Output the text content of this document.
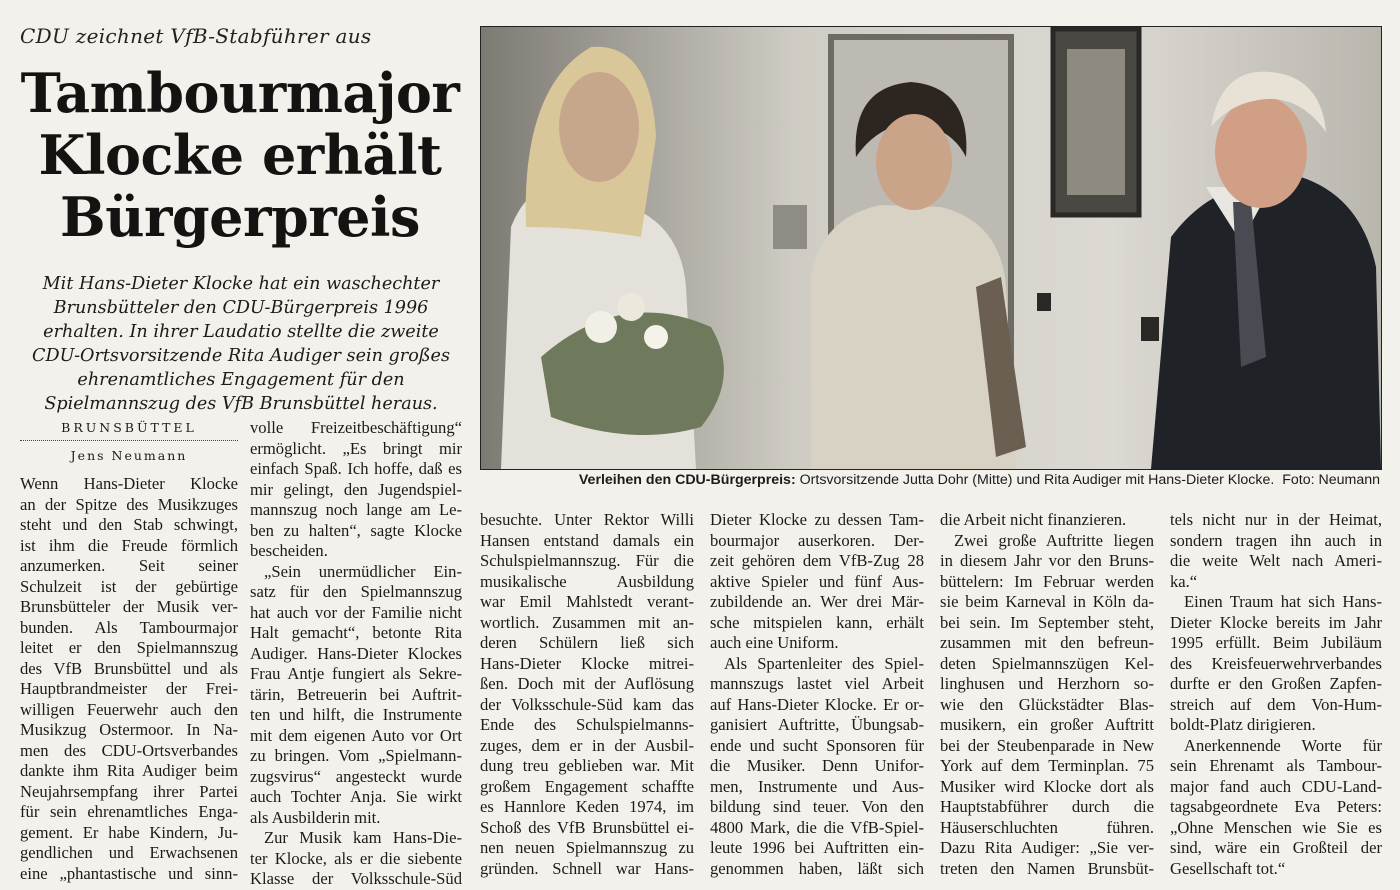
CDU zeichnet VfB-Stabführer aus
Tambourmajor
Klocke erhält
Bürgerpreis
Mit Hans-Dieter Klocke hat ein waschechter
Brunsbütteler den CDU-Bürgerpreis 1996
erhalten. In ihrer Laudatio stellte die zweite
CDU-Ortsvorsitzende Rita Audiger sein großes
ehrenamtliches Engagement für den
Spielmannszug des VfB Brunsbüttel heraus.
BRUNSBÜTTEL
Jens Neumann
Verleihen den CDU-Bürgerpreis: Ortsvorsitzende Jutta Dohr (Mitte) und Rita Audiger mit Hans-Dieter Klocke. Foto: Neumann
Wenn Hans-Dieter Klocke
an der Spitze des Musikzuges
steht und den Stab schwingt,
ist ihm die Freude förmlich
anzumerken. Seit seiner
Schulzeit ist der gebürtige
Brunsbütteler der Musik ver-
bunden. Als Tambourmajor
leitet er den Spielmannszug
des VfB Brunsbüttel und als
Hauptbrandmeister der Frei-
willigen Feuerwehr auch den
Musikzug Ostermoor. In Na-
men des CDU-Ortsverbandes
dankte ihm Rita Audiger beim
Neujahrsempfang ihrer Partei
für sein ehrenamtliches Enga-
gement. Er habe Kindern, Ju-
gendlichen und Erwachsenen
eine „phantastische und sinn-
volle Freizeitbeschäftigung“
ermöglicht. „Es bringt mir
einfach Spaß. Ich hoffe, daß es
mir gelingt, den Jugendspiel-
mannszug noch lange am Le-
ben zu halten“, sagte Klocke
bescheiden.
„Sein unermüdlicher Ein-
satz für den Spielmannszug
hat auch vor der Familie nicht
Halt gemacht“, betonte Rita
Audiger. Hans-Dieter Klockes
Frau Antje fungiert als Sekre-
tärin, Betreuerin bei Auftrit-
ten und hilft, die Instrumente
mit dem eigenen Auto vor Ort
zu bringen. Vom „Spielmann-
zugsvirus“ angesteckt wurde
auch Tochter Anja. Sie wirkt
als Ausbilderin mit.
Zur Musik kam Hans-Die-
ter Klocke, als er die siebente
Klasse der Volksschule-Süd
besuchte. Unter Rektor Willi
Hansen entstand damals ein
Schulspielmannszug. Für die
musikalische Ausbildung
war Emil Mahlstedt verant-
wortlich. Zusammen mit an-
deren Schülern ließ sich
Hans-Dieter Klocke mitrei-
ßen. Doch mit der Auflösung
der Volksschule-Süd kam das
Ende des Schulspielmanns-
zuges, dem er in der Ausbil-
dung treu geblieben war. Mit
großem Engagement schaffte
es Hannlore Keden 1974, im
Schoß des VfB Brunsbüttel ei-
nen neuen Spielmannszug zu
gründen. Schnell war Hans-
Dieter Klocke zu dessen Tam-
bourmajor auserkoren. Der-
zeit gehören dem VfB-Zug 28
aktive Spieler und fünf Aus-
zubildende an. Wer drei Mär-
sche mitspielen kann, erhält
auch eine Uniform.
Als Spartenleiter des Spiel-
mannszugs lastet viel Arbeit
auf Hans-Dieter Klocke. Er or-
ganisiert Auftritte, Übungsab-
ende und sucht Sponsoren für
die Musiker. Denn Unifor-
men, Instrumente und Aus-
bildung sind teuer. Von den
4800 Mark, die die VfB-Spiel-
leute 1996 bei Auftritten ein-
genommen haben, läßt sich
die Arbeit nicht finanzieren.
Zwei große Auftritte liegen
in diesem Jahr vor den Bruns-
büttelern: Im Februar werden
sie beim Karneval in Köln da-
bei sein. Im September steht,
zusammen mit den befreun-
deten Spielmannszügen Kel-
linghusen und Herzhorn so-
wie den Glückstädter Blas-
musikern, ein großer Auftritt
bei der Steubenparade in New
York auf dem Terminplan. 75
Musiker wird Klocke dort als
Hauptstabführer durch die
Häuserschluchten führen.
Dazu Rita Audiger: „Sie ver-
treten den Namen Brunsbüt-
tels nicht nur in der Heimat,
sondern tragen ihn auch in
die weite Welt nach Ameri-
ka.“
Einen Traum hat sich Hans-
Dieter Klocke bereits im Jahr
1995 erfüllt. Beim Jubiläum
des Kreisfeuerwehrverbandes
durfte er den Großen Zapfen-
streich auf dem Von-Hum-
boldt-Platz dirigieren.
Anerkennende Worte für
sein Ehrenamt als Tambour-
major fand auch CDU-Land-
tagsabgeordnete Eva Peters:
„Ohne Menschen wie Sie es
sind, wäre ein Großteil der
Gesellschaft tot.“
